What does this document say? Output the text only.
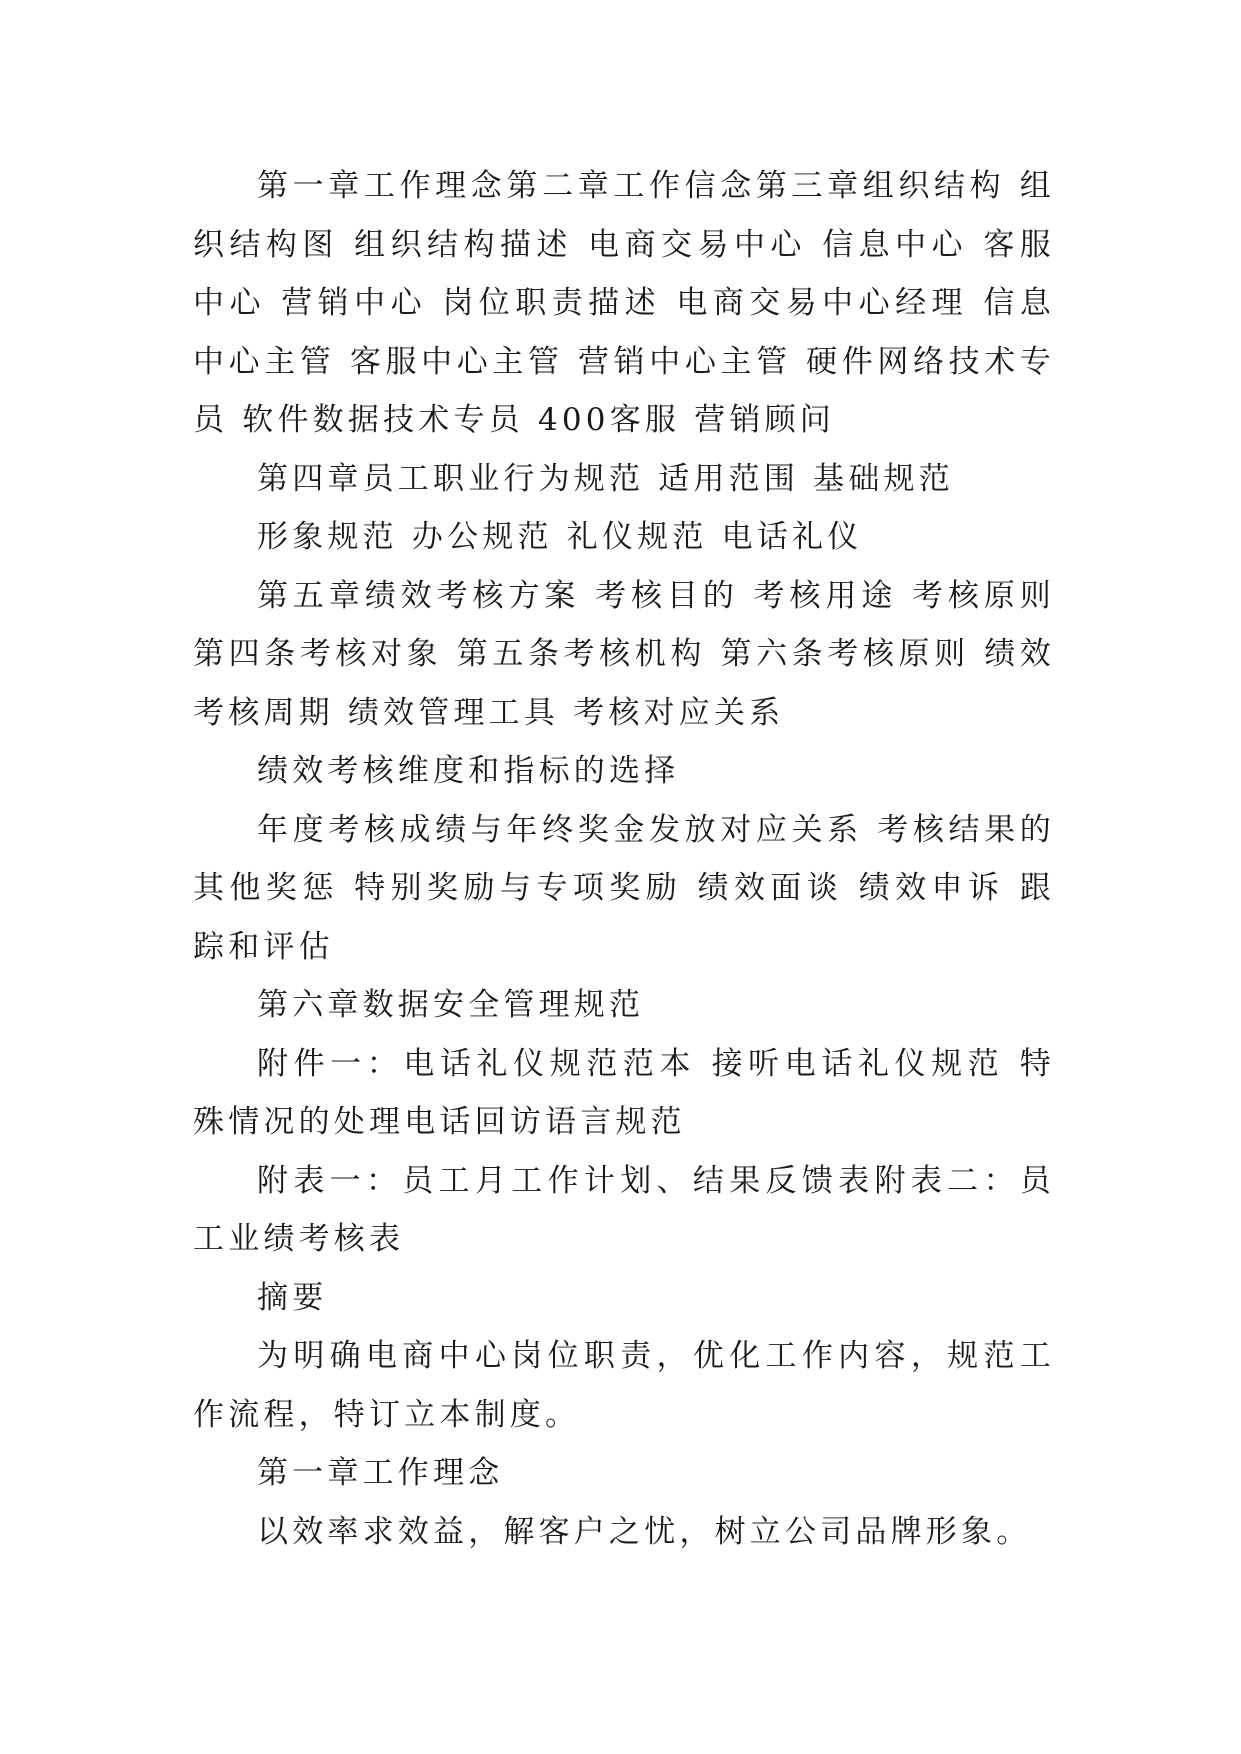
第一章工作理念第二章工作信念第三章组织结构 组织结构图 组织结构描述 电商交易中心 信息中心 客服中心 营销中心 岗位职责描述 电商交易中心经理 信息中心主管 客服中心主管 营销中心主管 硬件网络技术专员 软件数据技术专员 400客服 营销顾问

第四章员工职业行为规范 适用范围 基础规范

形象规范 办公规范 礼仪规范 电话礼仪

第五章绩效考核方案 考核目的 考核用途 考核原则第四条考核对象 第五条考核机构 第六条考核原则 绩效考核周期 绩效管理工具 考核对应关系

绩效考核维度和指标的选择

年度考核成绩与年终奖金发放对应关系 考核结果的其他奖惩 特别奖励与专项奖励 绩效面谈 绩效申诉 跟踪和评估

第六章数据安全管理规范

附件一：电话礼仪规范范本 接听电话礼仪规范 特殊情况的处理电话回访语言规范

附表一：员工月工作计划、结果反馈表附表二：员工业绩考核表

摘要

为明确电商中心岗位职责，优化工作内容，规范工作流程，特订立本制度。

第一章工作理念

以效率求效益，解客户之忧，树立公司品牌形象。
